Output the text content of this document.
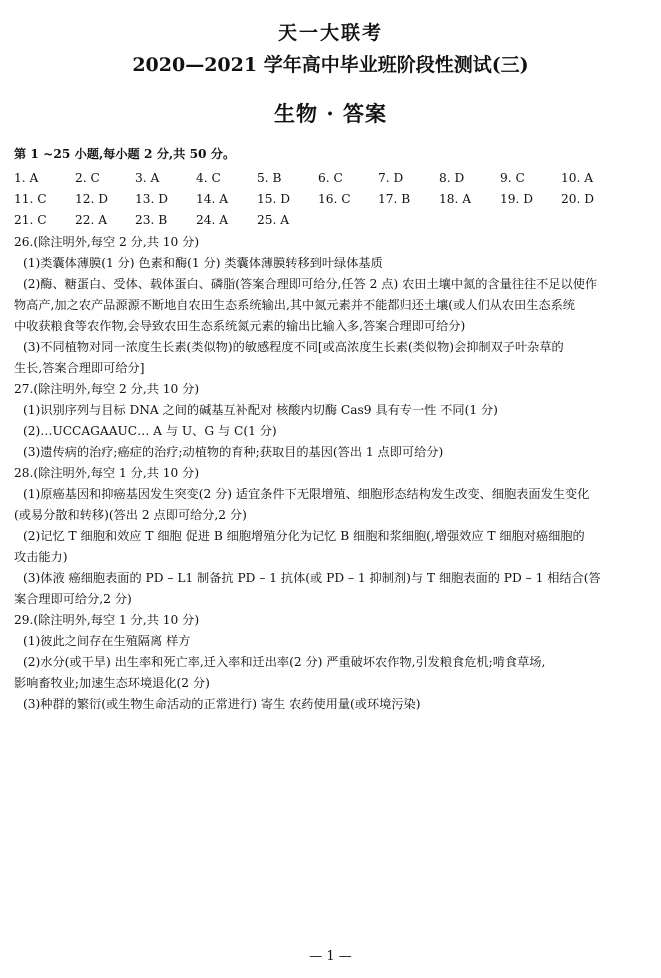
天一大联考
2020—2021 学年高中毕业班阶段性测试(三)
生物 · 答案
第 1 ~25 小题,每小题 2 分,共 50 分。
1. A	2. C	3. A	4. C	5. B	6. C	7. D	8. D	9. C	10. A
11. C 12. D 13. D 14. A 15. D 16. C 17. B 18. A 19. D 20. D
21. C 22. A 23. B 24. A 25. A
26.(除注明外,每空 2 分,共 10 分)
(1)类囊体薄膜(1 分) 色素和酶(1 分) 类囊体薄膜转移到叶绿体基质
(2)酶、糖蛋白、受体、载体蛋白、磷脂(答案合理即可给分,任答 2 点) 农田土壤中氮的含量往往不足以使作
物高产,加之农产品源源不断地自农田生态系统输出,其中氮元素并不能都归还土壤(或人们从农田生态系统
中收获粮食等农作物,会导致农田生态系统氮元素的输出比输入多,答案合理即可给分)
(3)不同植物对同一浓度生长素(类似物)的敏感程度不同[或高浓度生长素(类似物)会抑制双子叶杂草的
生长,答案合理即可给分]
27.(除注明外,每空 2 分,共 10 分)
(1)识别序列与目标 DNA 之间的碱基互补配对 核酸内切酶 Cas9 具有专一性 不同(1 分)
(2)…UCCAGAAUC… A 与 U、G 与 C(1 分)
(3)遗传病的治疗;癌症的治疗;动植物的育种;获取目的基因(答出 1 点即可给分)
28.(除注明外,每空 1 分,共 10 分)
(1)原癌基因和抑癌基因发生突变(2 分) 适宜条件下无限增殖、细胞形态结构发生改变、细胞表面发生变化
(或易分散和转移)(答出 2 点即可给分,2 分)
(2)记忆 T 细胞和效应 T 细胞 促进 B 细胞增殖分化为记忆 B 细胞和浆细胞(,增强效应 T 细胞对癌细胞的
攻击能力)
(3)体液 癌细胞表面的 PD – L1 制备抗 PD – 1 抗体(或 PD – 1 抑制剂)与 T 细胞表面的 PD – 1 相结合(答
案合理即可给分,2 分)
29.(除注明外,每空 1 分,共 10 分)
(1)彼此之间存在生殖隔离 样方
(2)水分(或干旱) 出生率和死亡率,迁入率和迁出率(2 分) 严重破坏农作物,引发粮食危机;啃食草场,
影响畜牧业;加速生态环境退化(2 分)
(3)种群的繁衍(或生物生命活动的正常进行) 寄生 农药使用量(或环境污染)
— 1 —
